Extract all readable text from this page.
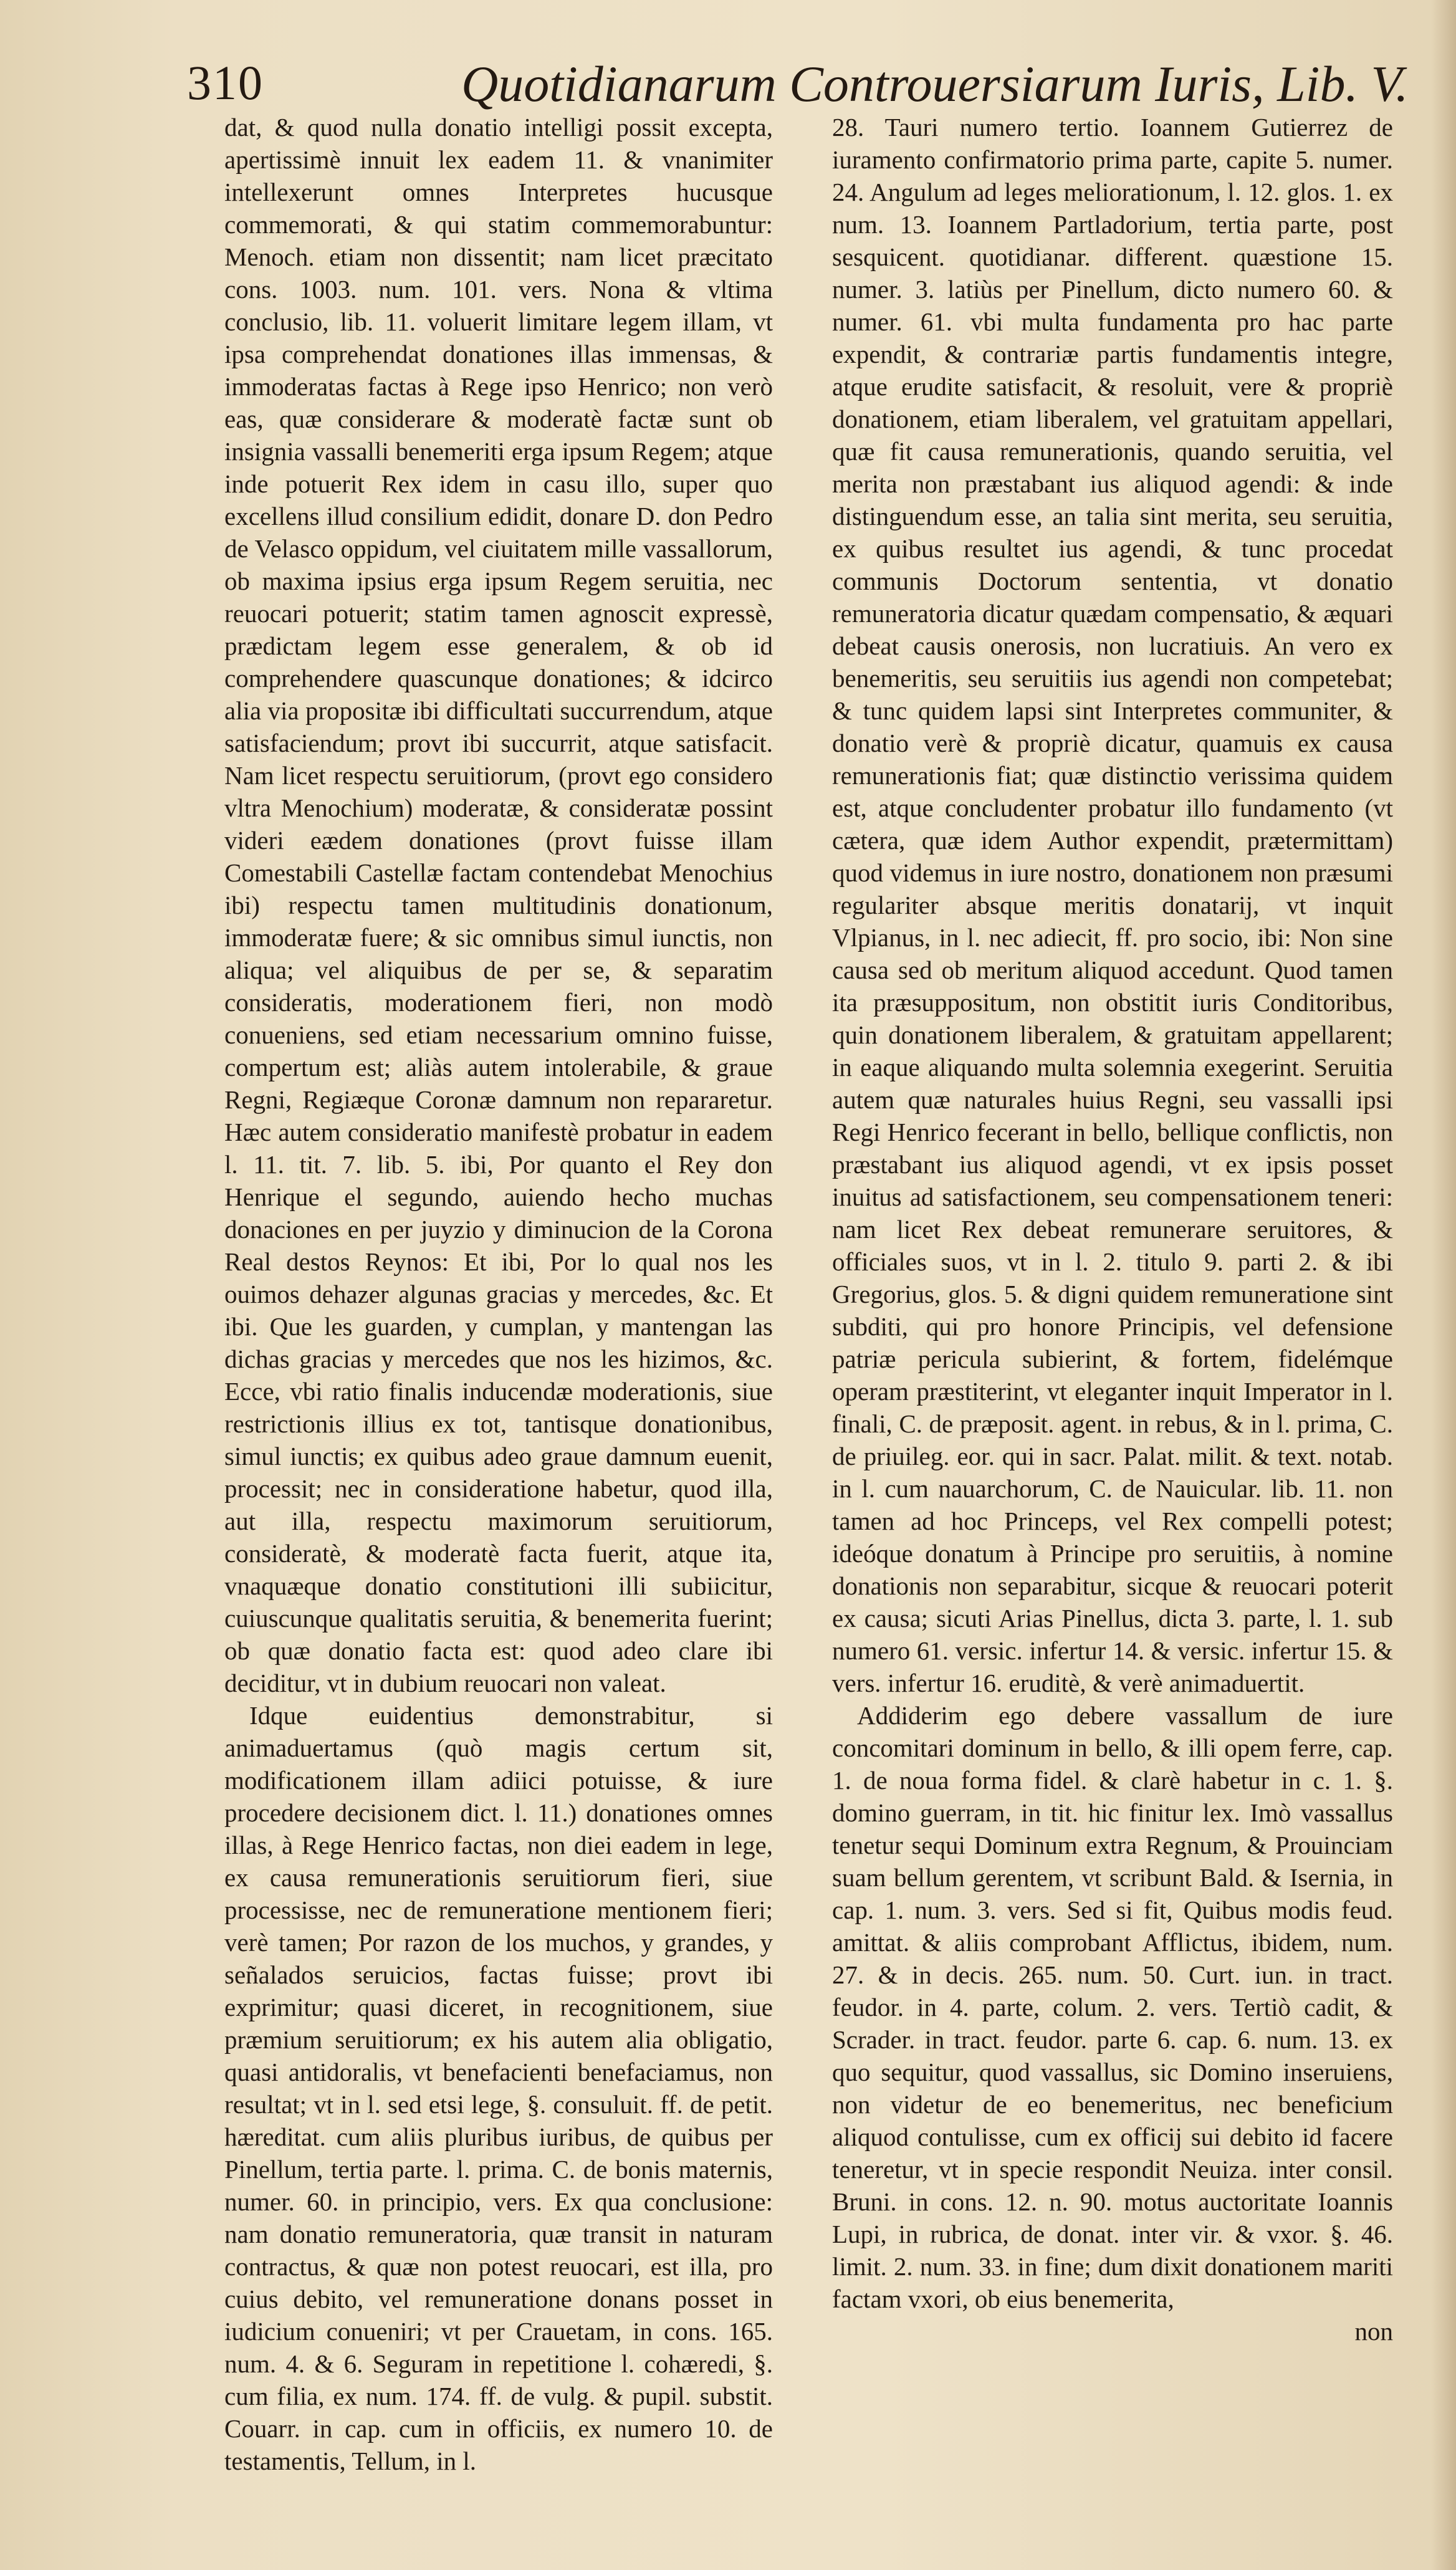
310	Quotidianarum Controuersiarum Iuris, Lib. V.

dat, & quod nulla donatio intelligi possit excepta, apertissimè innuit lex eadem 11. & vnanimiter intellexerunt omnes Interpretes hucusque commemorati, & qui statim commemorabuntur: Menoch. etiam non dissentit; nam licet præcitato cons. 1003. num. 101. vers. Nona & vltima conclusio, lib. 11. voluerit limitare legem illam, vt ipsa comprehendat donationes illas immensas, & immoderatas factas à Rege ipso Henrico; non verò eas, quæ considerare & moderatè factæ sunt ob insignia vassalli benemeriti erga ipsum Regem; atque inde potuerit Rex idem in casu illo, super quo excellens illud consilium edidit, donare D. don Pedro de Velasco oppidum, vel ciuitatem mille vassallorum, ob maxima ipsius erga ipsum Regem seruitia, nec reuocari potuerit; statim tamen agnoscit expressè, prædictam legem esse generalem, & ob id comprehendere quascunque donationes; & idcirco alia via propositæ ibi difficultati succurrendum, atque satisfaciendum; provt ibi succurrit, atque satisfacit. Nam licet respectu seruitiorum, (provt ego considero vltra Menochium) moderatæ, & consideratæ possint videri eædem donationes (provt fuisse illam Comestabili Castellæ factam contendebat Menochius ibi) respectu tamen multitudinis donationum, immoderatæ fuere; & sic omnibus simul iunctis, non aliqua; vel aliquibus de per se, & separatim consideratis, moderationem fieri, non modò conueniens, sed etiam necessarium omnino fuisse, compertum est; aliàs autem intolerabile, & graue Regni, Regiæque Coronæ damnum non repararetur. Hæc autem consideratio manifestè probatur in eadem l. 11. tit. 7. lib. 5. ibi, Por quanto el Rey don Henrique el segundo, auiendo hecho muchas donaciones en per juyzio y diminucion de la Corona Real destos Reynos: Et ibi, Por lo qual nos les ouimos dehazer algunas gracias y mercedes, &c. Et ibi. Que les guarden, y cumplan, y mantengan las dichas gracias y mercedes que nos les hizimos, &c. Ecce, vbi ratio finalis inducendæ moderationis, siue restrictionis illius ex tot, tantisque donationibus, simul iunctis; ex quibus adeo graue damnum euenit, processit; nec in consideratione habetur, quod illa, aut illa, respectu maximorum seruitiorum, consideratè, & moderatè facta fuerit, atque ita, vnaquæque donatio constitutioni illi subiicitur, cuiuscunque qualitatis seruitia, & benemerita fuerint; ob quæ donatio facta est: quod adeo clare ibi deciditur, vt in dubium reuocari non valeat.

Idque euidentius demonstrabitur, si animaduertamus (quò magis certum sit, modificationem illam adiici potuisse, & iure procedere decisionem dict. l. 11.) donationes omnes illas, à Rege Henrico factas, non diei eadem in lege, ex causa remunerationis seruitiorum fieri, siue processisse, nec de remuneratione mentionem fieri; verè tamen; Por razon de los muchos, y grandes, y señalados seruicios, factas fuisse; provt ibi exprimitur; quasi diceret, in recognitionem, siue præmium seruitiorum; ex his autem alia obligatio, quasi antidoralis, vt benefacienti benefaciamus, non resultat; vt in l. sed etsi lege, §. consuluit. ff. de petit. hæreditat. cum aliis pluribus iuribus, de quibus per Pinellum, tertia parte. l. prima. C. de bonis maternis, numer. 60. in principio, vers. Ex qua conclusione: nam donatio remuneratoria, quæ transit in naturam contractus, & quæ non potest reuocari, est illa, pro cuius debito, vel remuneratione donans posset in iudicium conueniri; vt per Crauetam, in cons. 165. num. 4. & 6. Seguram in repetitione l. cohæredi, §. cum filia, ex num. 174. ff. de vulg. & pupil. substit. Couarr. in cap. cum in officiis, ex numero 10. de testamentis, Tellum, in l.

28. Tauri numero tertio. Ioannem Gutierrez de iuramento confirmatorio prima parte, capite 5. numer. 24. Angulum ad leges meliorationum, l. 12. glos. 1. ex num. 13. Ioannem Partladorium, tertia parte, post sesquicent. quotidianar. different. quæstione 15. numer. 3. latiùs per Pinellum, dicto numero 60. & numer. 61. vbi multa fundamenta pro hac parte expendit, & contrariæ partis fundamentis integre, atque erudite satisfacit, & resoluit, vere & propriè donationem, etiam liberalem, vel gratuitam appellari, quæ fit causa remunerationis, quando seruitia, vel merita non præstabant ius aliquod agendi: & inde distinguendum esse, an talia sint merita, seu seruitia, ex quibus resultet ius agendi, & tunc procedat communis Doctorum sententia, vt donatio remuneratoria dicatur quædam compensatio, & æquari debeat causis onerosis, non lucratiuis. An vero ex benemeritis, seu seruitiis ius agendi non competebat; & tunc quidem lapsi sint Interpretes communiter, & donatio verè & propriè dicatur, quamuis ex causa remunerationis fiat; quæ distinctio verissima quidem est, atque concludenter probatur illo fundamento (vt cætera, quæ idem Author expendit, prætermittam) quod videmus in iure nostro, donationem non præsumi regulariter absque meritis donatarij, vt inquit Vlpianus, in l. nec adiecit, ff. pro socio, ibi: Non sine causa sed ob meritum aliquod accedunt. Quod tamen ita præsuppositum, non obstitit iuris Conditoribus, quin donationem liberalem, & gratuitam appellarent; in eaque aliquando multa solemnia exegerint. Seruitia autem quæ naturales huius Regni, seu vassalli ipsi Regi Henrico fecerant in bello, bellique conflictis, non præstabant ius aliquod agendi, vt ex ipsis posset inuitus ad satisfactionem, seu compensationem teneri: nam licet Rex debeat remunerare seruitores, & officiales suos, vt in l. 2. titulo 9. parti 2. & ibi Gregorius, glos. 5. & digni quidem remuneratione sint subditi, qui pro honore Principis, vel defensione patriæ pericula subierint, & fortem, fidelémque operam præstiterint, vt eleganter inquit Imperator in l. finali, C. de præposit. agent. in rebus, & in l. prima, C. de priuileg. eor. qui in sacr. Palat. milit. & text. notab. in l. cum nauarchorum, C. de Nauicular. lib. 11. non tamen ad hoc Princeps, vel Rex compelli potest; ideóque donatum à Principe pro seruitiis, à nomine donationis non separabitur, sicque & reuocari poterit ex causa; sicuti Arias Pinellus, dicta 3. parte, l. 1. sub numero 61. versic. infertur 14. & versic. infertur 15. & vers. infertur 16. eruditè, & verè animaduertit.

Addiderim ego debere vassallum de iure concomitari dominum in bello, & illi opem ferre, cap. 1. de noua forma fidel. & clarè habetur in c. 1. §. domino guerram, in tit. hic finitur lex. Imò vassallus tenetur sequi Dominum extra Regnum, & Prouinciam suam bellum gerentem, vt scribunt Bald. & Isernia, in cap. 1. num. 3. vers. Sed si fit, Quibus modis feud. amittat. & aliis comprobant Afflictus, ibidem, num. 27. & in decis. 265. num. 50. Curt. iun. in tract. feudor. in 4. parte, colum. 2. vers. Tertiò cadit, & Scrader. in tract. feudor. parte 6. cap. 6. num. 13. ex quo sequitur, quod vassallus, sic Domino inseruiens, non videtur de eo benemeritus, nec beneficium aliquod contulisse, cum ex officij sui debito id facere teneretur, vt in specie respondit Neuiza. inter consil. Bruni. in cons. 12. n. 90. motus auctoritate Ioannis Lupi, in rubrica, de donat. inter vir. & vxor. §. 46. limit. 2. num. 33. in fine; dum dixit donationem mariti factam vxori, ob eius benemerita,

non
